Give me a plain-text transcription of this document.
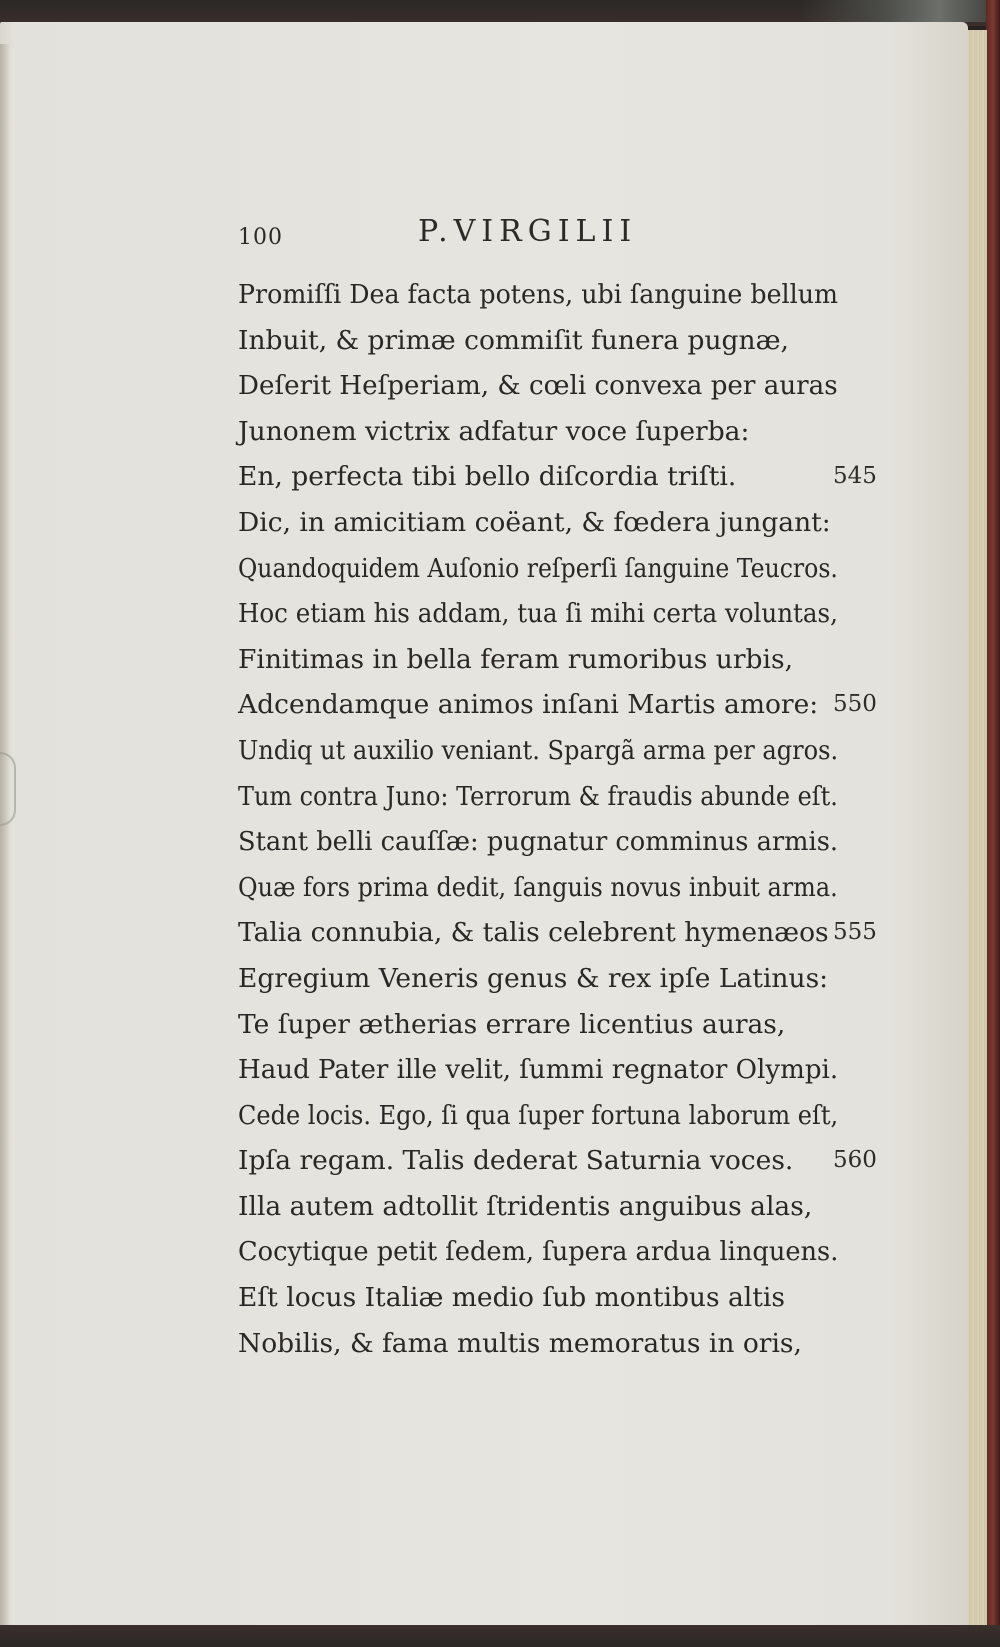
100	P.VIRGILII
Promiſſi Dea facta potens, ubi ſanguine bellum
Inbuit, & primæ commiſit funera pugnæ,
Deſerit Heſperiam, & cœli convexa per auras
Junonem victrix adfatur voce ſuperba:
En, perfecta tibi bello diſcordia triſti.	545
Dic, in amicitiam coëant, & fœdera jungant:
Quandoquidem Auſonio reſperſi ſanguine Teucros.
Hoc etiam his addam, tua ſi mihi certa voluntas,
Finitimas in bella feram rumoribus urbis,
Adcendamque animos inſani Martis amore: 550
Undiq ut auxilio veniant. Spargã arma per agros.
Tum contra Juno: Terrorum & fraudis abunde eſt.
Stant belli cauſſæ: pugnatur comminus armis.
Quæ fors prima dedit, ſanguis novus inbuit arma.
Talia connubia, & talis celebrent hymenæos 555
Egregium Veneris genus & rex ipſe Latinus:
Te ſuper ætherias errare licentius auras,
Haud Pater ille velit, ſummi regnator Olympi.
Cede locis. Ego, ſi qua ſuper fortuna laborum eſt,
Ipſa regam. Talis dederat Saturnia voces. 560
Illa autem adtollit ſtridentis anguibus alas,
Cocytique petit ſedem, ſupera ardua linquens.
Eſt locus Italiæ medio ſub montibus altis
Nobilis, & fama multis memoratus in oris,
